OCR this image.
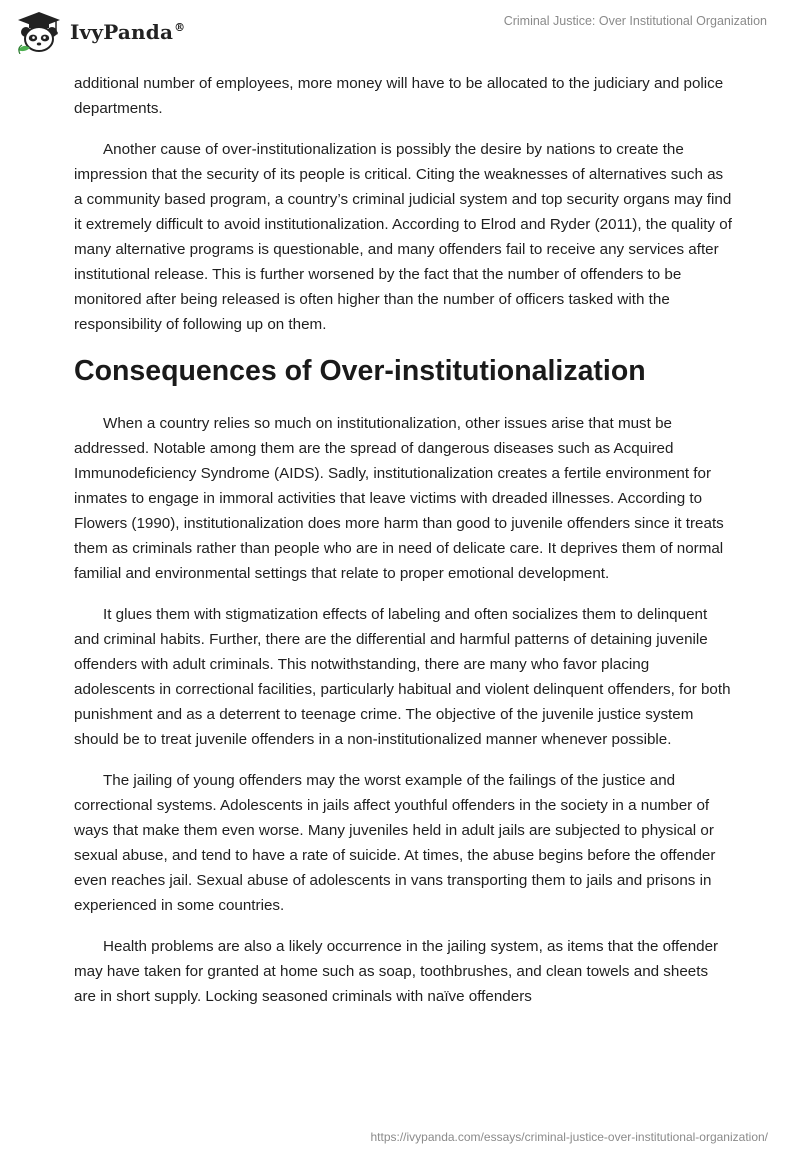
IvyPanda®	Criminal Justice: Over Institutional Organization

additional number of employees, more money will have to be allocated to the judiciary and police departments.

Another cause of over-institutionalization is possibly the desire by nations to create the impression that the security of its people is critical. Citing the weaknesses of alternatives such as a community based program, a country’s criminal judicial system and top security organs may find it extremely difficult to avoid institutionalization. According to Elrod and Ryder (2011), the quality of many alternative programs is questionable, and many offenders fail to receive any services after institutional release. This is further worsened by the fact that the number of offenders to be monitored after being released is often higher than the number of officers tasked with the responsibility of following up on them.

Consequences of Over-institutionalization

When a country relies so much on institutionalization, other issues arise that must be addressed. Notable among them are the spread of dangerous diseases such as Acquired Immunodeficiency Syndrome (AIDS). Sadly, institutionalization creates a fertile environment for inmates to engage in immoral activities that leave victims with dreaded illnesses. According to Flowers (1990), institutionalization does more harm than good to juvenile offenders since it treats them as criminals rather than people who are in need of delicate care. It deprives them of normal familial and environmental settings that relate to proper emotional development.

It glues them with stigmatization effects of labeling and often socializes them to delinquent and criminal habits. Further, there are the differential and harmful patterns of detaining juvenile offenders with adult criminals. This notwithstanding, there are many who favor placing adolescents in correctional facilities, particularly habitual and violent delinquent offenders, for both punishment and as a deterrent to teenage crime. The objective of the juvenile justice system should be to treat juvenile offenders in a non-institutionalized manner whenever possible.

The jailing of young offenders may the worst example of the failings of the justice and correctional systems. Adolescents in jails affect youthful offenders in the society in a number of ways that make them even worse. Many juveniles held in adult jails are subjected to physical or sexual abuse, and tend to have a rate of suicide. At times, the abuse begins before the offender even reaches jail. Sexual abuse of adolescents in vans transporting them to jails and prisons in experienced in some countries.

Health problems are also a likely occurrence in the jailing system, as items that the offender may have taken for granted at home such as soap, toothbrushes, and clean towels and sheets are in short supply. Locking seasoned criminals with naïve offenders

https://ivypanda.com/essays/criminal-justice-over-institutional-organization/
